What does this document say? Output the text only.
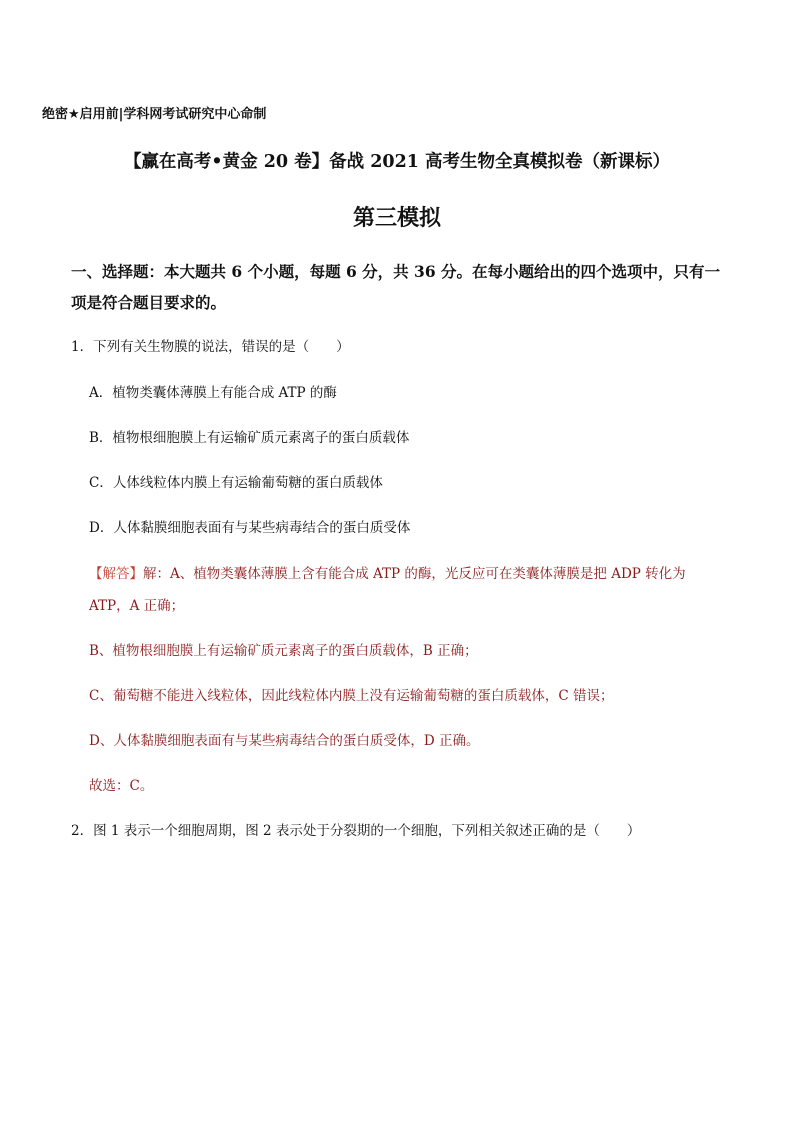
绝密★启用前|学科网考试研究中心命制
【赢在高考•黄金 20 卷】备战 2021 高考生物全真模拟卷（新课标）
第三模拟
一、选择题：本大题共 6 个小题，每题 6 分，共 36 分。在每小题给出的四个选项中，只有一
项是符合题目要求的。
1．下列有关生物膜的说法，错误的是（　　）
A．植物类囊体薄膜上有能合成 ATP 的酶
B．植物根细胞膜上有运输矿质元素离子的蛋白质载体
C．人体线粒体内膜上有运输葡萄糖的蛋白质载体
D．人体黏膜细胞表面有与某些病毒结合的蛋白质受体
【解答】解：A、植物类囊体薄膜上含有能合成 ATP 的酶，光反应可在类囊体薄膜是把 ADP 转化为
ATP，A 正确；
B、植物根细胞膜上有运输矿质元素离子的蛋白质载体，B 正确；
C、葡萄糖不能进入线粒体，因此线粒体内膜上没有运输葡萄糖的蛋白质载体，C 错误；
D、人体黏膜细胞表面有与某些病毒结合的蛋白质受体，D 正确。
故选：C。
2．图 1 表示一个细胞周期，图 2 表示处于分裂期的一个细胞，下列相关叙述正确的是（　　）
